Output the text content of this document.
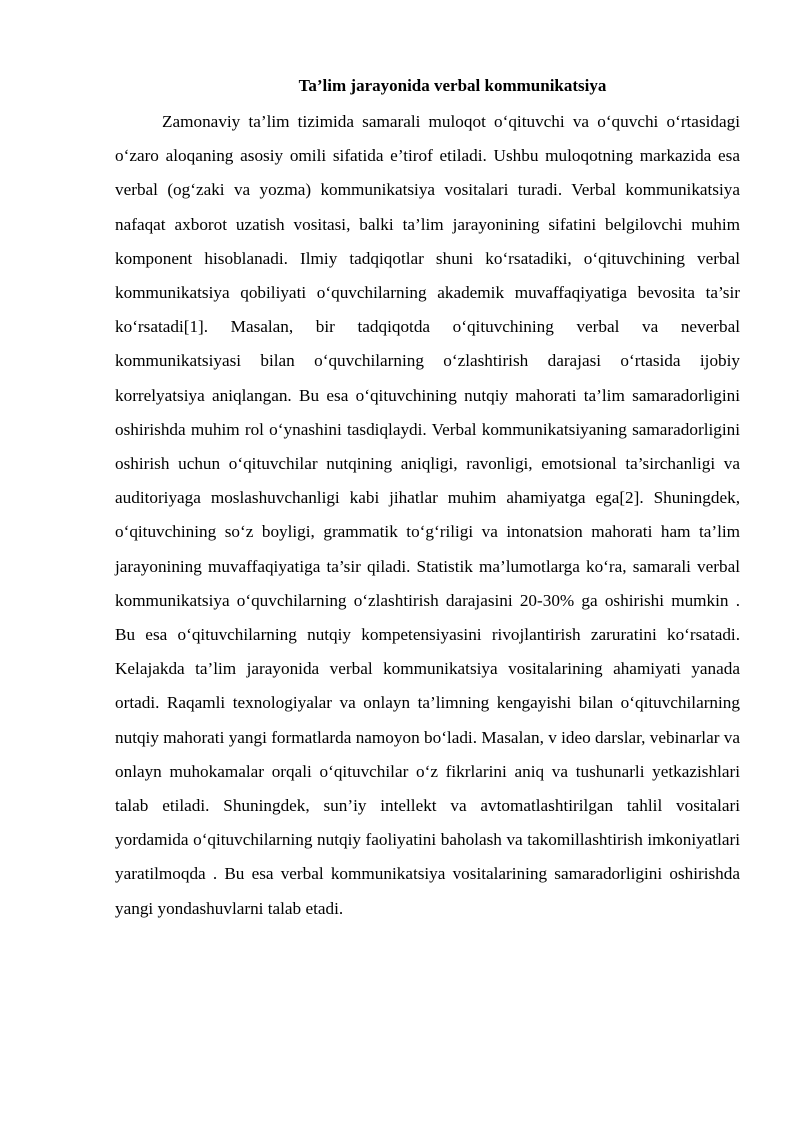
Ta’lim jarayonida verbal kommunikatsiya

Zamonaviy ta’lim tizimida samarali muloqot o‘qituvchi va o‘quvchi o‘rtasidagi o‘zaro aloqaning asosiy omili sifatida e’tirof etiladi. Ushbu muloqotning markazida esa verbal (og‘zaki va yozma) kommunikatsiya vositalari turadi. Verbal kommunikatsiya nafaqat axborot uzatish vositasi, balki ta’lim jarayonining sifatini belgilovchi muhim komponent hisoblanadi. Ilmiy tadqiqotlar shuni ko‘rsatadiki, o‘qituvchining verbal kommunikatsiya qobiliyati o‘quvchilarning akademik muvaffaqiyatiga bevosita ta’sir ko‘rsatadi[1]. Masalan, bir tadqiqotda o‘qituvchining verbal va neverbal kommunikatsiyasi bilan o‘quvchilarning o‘zlashtirish darajasi o‘rtasida ijobiy korrelyatsiya aniqlangan. Bu esa o‘qituvchining nutqiy mahorati ta’lim samaradorligini oshirishda muhim rol o‘ynashini tasdiqlaydi. Verbal kommunikatsiyaning samaradorligini oshirish uchun o‘qituvchilar nutqining aniqligi, ravonligi, emotsional ta’sirchanligi va auditoriyaga moslashuvchanligi kabi jihatlar muhim ahamiyatga ega[2]. Shuningdek, o‘qituvchining so‘z boyligi, grammatik to‘g‘riligi va intonatsion mahorati ham ta’lim jarayonining muvaffaqiyatiga ta’sir qiladi. Statistik ma’lumotlarga ko‘ra, samarali verbal kommunikatsiya o‘quvchilarning o‘zlashtirish darajasini 20-30% ga oshirishi mumkin . Bu esa o‘qituvchilarning nutqiy kompetensiyasini rivojlantirish zaruratini ko‘rsatadi. Kelajakda ta’lim jarayonida verbal kommunikatsiya vositalarining ahamiyati yanada ortadi. Raqamli texnologiyalar va onlayn ta’limning kengayishi bilan o‘qituvchilarning nutqiy mahorati yangi formatlarda namoyon bo‘ladi. Masalan, v ideo darslar, vebinarlar va onlayn muhokamalar orqali o‘qituvchilar o‘z fikrlarini aniq va tushunarli yetkazishlari talab etiladi. Shuningdek, sun’iy intellekt va avtomatlashtirilgan tahlil vositalari yordamida o‘qituvchilarning nutqiy faoliyatini baholash va takomillashtirish imkoniyatlari yaratilmoqda . Bu esa verbal kommunikatsiya vositalarining samaradorligini oshirishda yangi yondashuvlarni talab etadi.
